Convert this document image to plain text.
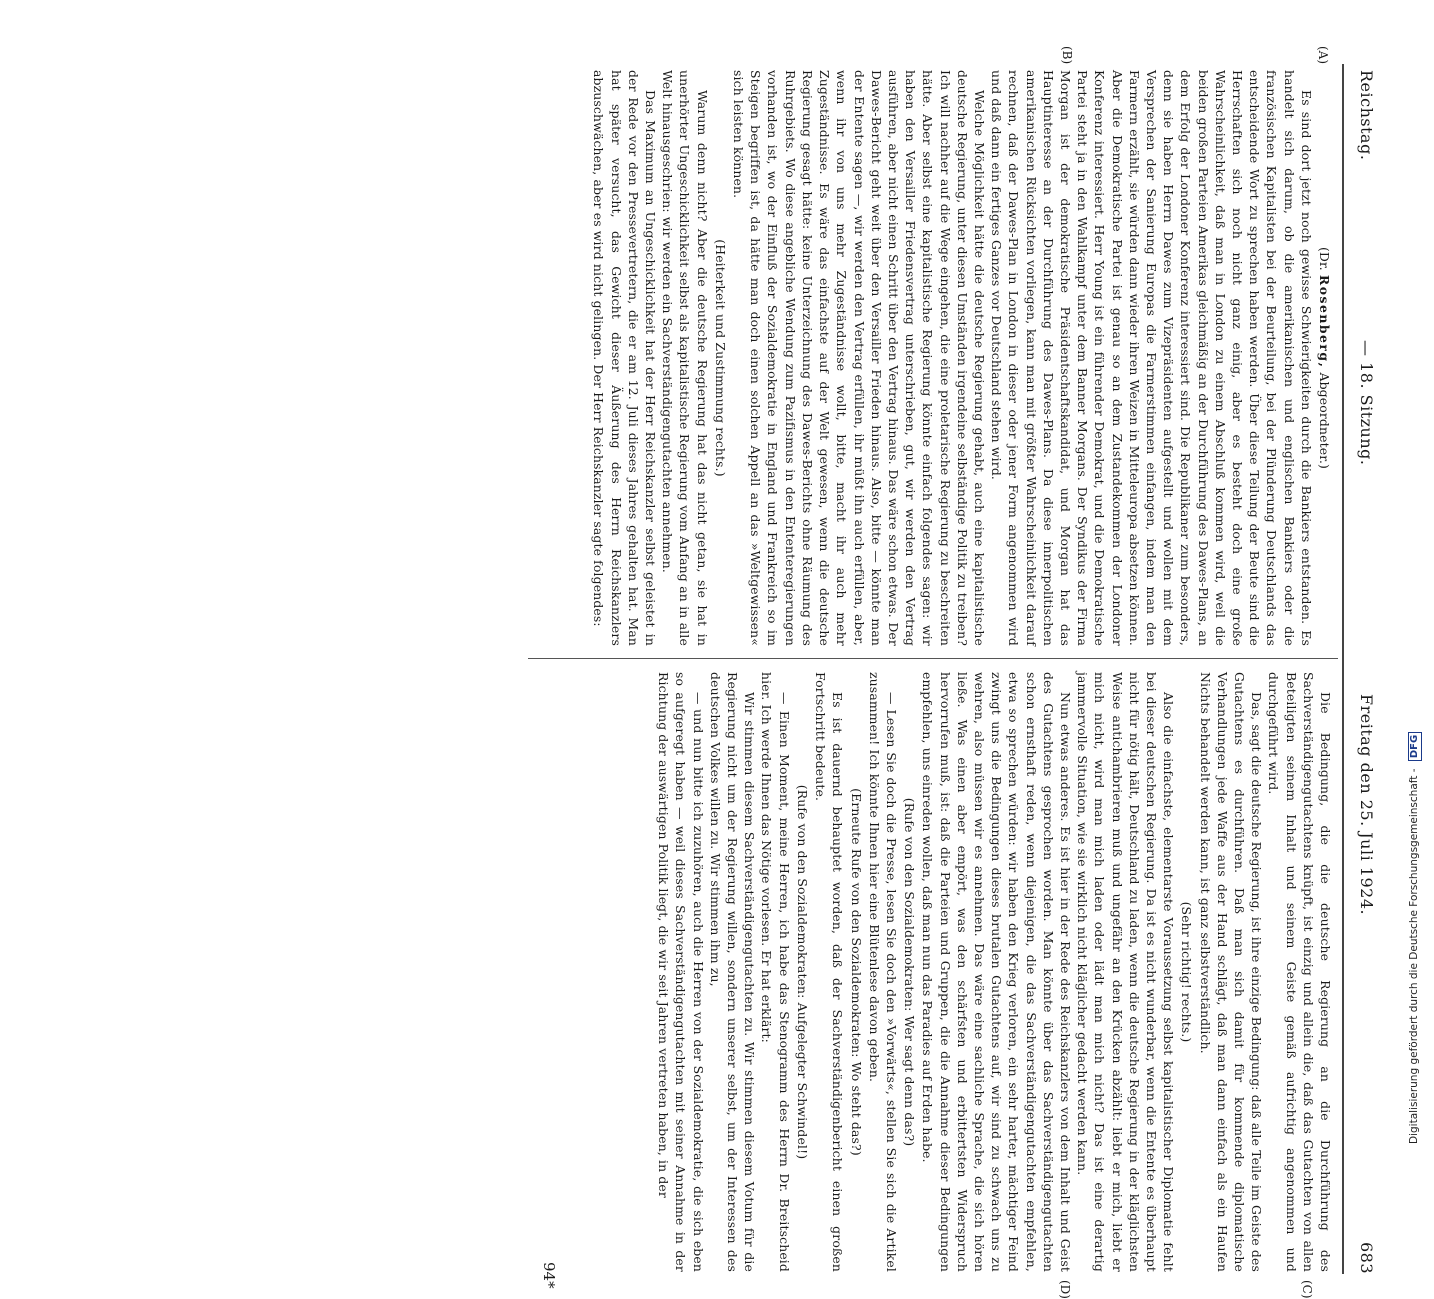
Reichstag.
— 18. Sitzung.
Freitag den 25. Juli 1924.
683
(A)
(B)
(C)
(D)

(Dr. Rosenberg, Abgeordneter.)

Es sind dort jetzt noch gewisse Schwierigkeiten durch die Bankiers entstanden. Es handelt sich darum, ob die amerikanischen und englischen Bankiers oder die französischen Kapitalisten bei der Beurteilung, bei der Plünderung Deutschlands das entscheidende Wort zu sprechen haben werden. Über diese Teilung der Beute sind die Herrschaften sich noch nicht ganz einig, aber es besteht doch eine große Wahrscheinlichkeit, daß man in London zu einem Abschluß kommen wird, weil die beiden großen Parteien Amerikas gleichmäßig an der Durchführung des Dawes-Plans, an dem Erfolg der Londoner Konferenz interessiert sind. Die Republikaner zum besonders, denn sie haben Herrn Dawes zum Vizepräsidenten aufgestellt und wollen mit dem Versprechen der Sanierung Europas die Farmerstimmen einfangen, indem man den Farmern erzählt, sie würden dann wieder ihren Weizen in Mitteleuropa absetzen können. Aber die Demokratische Partei ist genau so an dem Zustandekommen der Londoner Konferenz interessiert. Herr Young ist ein führender Demokrat, und die Demokratische Partei steht ja in den Wahlkampf unter dem Banner Morgans. Der Syndikus der Firma Morgan ist der demokratische Präsidentschaftskandidat, und Morgan hat das Hauptinteresse an der Durchführung des Dawes-Plans. Da diese innerpolitischen amerikanischen Rücksichten vorliegen, kann man mit größter Wahrscheinlichkeit darauf rechnen, daß der Dawes-Plan in London in dieser oder jener Form angenommen wird und daß dann ein fertiges Ganzes vor Deutschland stehen wird.

Welche Möglichkeit hätte die deutsche Regierung gehabt, auch eine kapitalistische deutsche Regierung, unter diesen Umständen irgendeine selbständige Politik zu treiben? Ich will nachher auf die Wege eingehen, die eine proletarische Regierung zu beschreiten hätte. Aber selbst eine kapitalistische Regierung könnte einfach folgendes sagen: wir haben den Versailler Friedensvertrag unterschrieben, gut, wir werden den Vertrag ausführen, aber nicht einen Schritt über den Vertrag hinaus. Das wäre schon etwas. Der Dawes-Bericht geht weit über den Versailler Frieden hinaus. Also, bitte — könnte man der Entente sagen —, wir werden den Vertrag erfüllen, ihr müßt ihn auch erfüllen, aber, wenn ihr von uns mehr Zugeständnisse wollt, bitte, macht ihr auch mehr Zugeständnisse. Es wäre das einfachste auf der Welt gewesen, wenn die deutsche Regierung gesagt hätte: keine Unterzeichnung des Dawes-Berichts ohne Räumung des Ruhrgebiets. Wo diese angebliche Wendung zum Pazifismus in den Ententeregierungen vorhanden ist, wo der Einfluß der Sozialdemokratie in England und Frankreich so im Steigen begriffen ist, da hätte man doch einen solchen Appell an das »Weltgewissen« sich leisten können.

(Heiterkeit und Zustimmung rechts.)

Warum denn nicht? Aber die deutsche Regierung hat das nicht getan, sie hat in unerhörter Ungeschicklichkeit selbst als kapitalistische Regierung vom Anfang an in alle Welt hinausgeschrien: wir werden ein Sachverständigengutachten annehmen.

Das Maximum an Ungeschicklichkeit hat der Herr Reichskanzler selbst geleistet in der Rede vor den Pressevertretern, die er am 12. Juli dieses Jahres gehalten hat. Man hat später versucht, das Gewicht dieser Äußerung des Herrn Reichskanzlers abzuschwächen, aber es wird nicht gelingen. Der Herr Reichskanzler sagte folgendes:

Die Bedingung, die die deutsche Regierung an die Durchführung des Sachverständigengutachtens knüpft, ist einzig und allein die, daß das Gutachten von allen Beteiligten seinem Inhalt und seinem Geiste gemäß aufrichtig angenommen und durchgeführt wird.

Das, sagt die deutsche Regierung, ist ihre einzige Bedingung: daß alle Teile im Geiste des Gutachtens es durchführen. Daß man sich damit für kommende diplomatische Verhandlungen jede Waffe aus der Hand schlägt, daß man dann einfach als ein Haufen Nichts behandelt werden kann, ist ganz selbstverständlich.

(Sehr richtig! rechts.)

Also die einfachste, elementarste Voraussetzung selbst kapitalistischer Diplomatie fehlt bei dieser deutschen Regierung. Da ist es nicht wunderbar, wenn die Entente es überhaupt nicht für nötig hält, Deutschland zu laden, wenn die deutsche Regierung in der kläglichsten Weise antichambrieren muß und ungefähr an den Krücken abzählt: liebt er mich, liebt er mich nicht, wird man mich laden oder lädt man mich nicht? Das ist eine derartig jammervolle Situation, wie sie wirklich nicht kläglicher gedacht werden kann.

Nun etwas anderes. Es ist hier in der Rede des Reichskanzlers von dem Inhalt und Geist des Gutachtens gesprochen worden. Man könnte über das Sachverständigengutachten schon ernsthaft reden, wenn diejenigen, die das Sachverständigengutachten empfehlen, etwa so sprechen würden: wir haben den Krieg verloren, ein sehr harter, mächtiger Feind zwingt uns die Bedingungen dieses brutalen Gutachtens auf, wir sind zu schwach uns zu wehren, also müssen wir es annehmen. Das wäre eine sachliche Sprache, die sich hören ließe. Was einen aber empört, was den schärfsten und erbittertsten Widerspruch hervorrufen muß, ist: daß die Parteien und Gruppen, die die Annahme dieser Bedingungen empfehlen, uns einreden wollen, daß man nun das Paradies auf Erden habe.

(Rufe von den Sozialdemokraten: Wer sagt denn das?)

— Lesen Sie doch die Presse, lesen Sie doch den »Vorwärts«, stellen Sie sich die Artikel zusammen! Ich könnte Ihnen hier eine Blütenlese davon geben.

(Erneute Rufe von den Sozialdemokraten: Wo steht das?)

Es ist dauernd behauptet worden, daß der Sachverständigenbericht einen großen Fortschritt bedeute.

(Rufe von den Sozialdemokraten: Aufgelegter Schwindel!)

— Einen Moment, meine Herren, ich habe das Stenogramm des Herrn Dr. Breitscheid hier. Ich werde Ihnen das Nötige vorlesen. Er hat erklärt:

Wir stimmen diesem Sachverständigengutachten zu. Wir stimmen diesem Votum für die Regierung nicht um der Regierung willen, sondern unserer selbst, um der Interessen des deutschen Volkes willen zu. Wir stimmen ihm zu,

— und nun bitte ich zuzuhören, auch die Herren von der Sozialdemokratie, die sich eben so aufgeregt haben — weil dieses Sachverständigengutachten mit seiner Annahme in der Richtung der auswärtigen Politik liegt, die wir seit Jahren vertreten haben, in der

94*
Digitalisierung gefördert durch die Deutsche Forschungsgemeinschaft - DFG
